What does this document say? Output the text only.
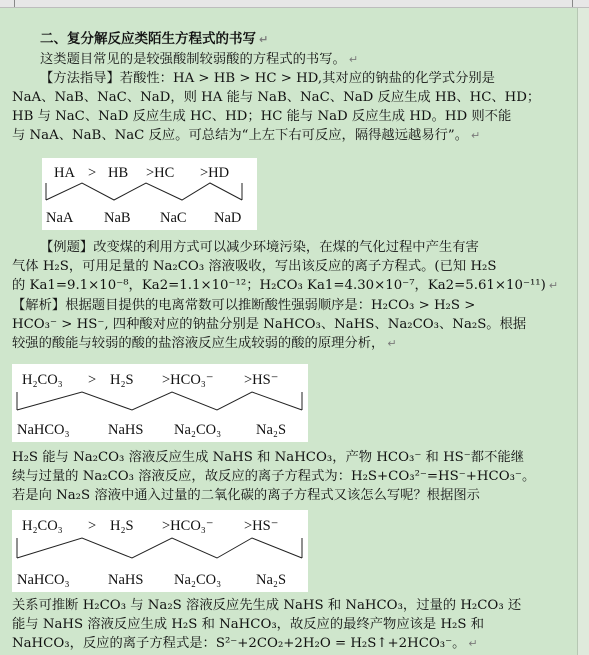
二、复分解反应类陌生方程式的书写 ↵

这类题目常见的是较强酸制较弱酸的方程式的书写。 ↵

【方法指导】若酸性：HA > HB > HC > HD,其对应的钠盐的化学式分别是

NaA、NaB、NaC、NaD，则 HA 能与 NaB、NaC、NaD 反应生成 HB、HC、HD；

HB 与 NaC、NaD 反应生成 HC、HD；HC 能与 NaD 反应生成 HD。HD 则不能

与 NaA、NaB、NaC 反应。可总结为“上左下右可反应，隔得越远越易行”。 ↵

HA > HB >HC >HD
NaA NaB NaC NaD

【例题】改变煤的利用方式可以减少环境污染，在煤的气化过程中产生有害

气体 H₂S，可用足量的 Na₂CO₃ 溶液吸收，写出该反应的离子方程式。(已知 H₂S

的 Ka1=9.1×10⁻⁸，Ka2=1.1×10⁻¹²；H₂CO₃ Ka1=4.30×10⁻⁷，Ka2=5.61×10⁻¹¹) ↵

【解析】根据题目提供的电离常数可以推断酸性强弱顺序是：H₂CO₃ > H₂S >

HCO₃⁻ > HS⁻, 四种酸对应的钠盐分别是 NaHCO₃、NaHS、Na₂CO₃、Na₂S。根据

较强的酸能与较弱的酸的盐溶液反应生成较弱的酸的原理分析， ↵

H₂CO₃ > H₂S >HCO₃⁻ >HS⁻
NaHCO₃	NaHS Na₂CO₃ Na₂S

H₂S 能与 Na₂CO₃ 溶液反应生成 NaHS 和 NaHCO₃，产物 HCO₃⁻ 和 HS⁻都不能继

续与过量的 Na₂CO₃ 溶液反应，故反应的离子方程式为：H₂S+CO₃²⁻=HS⁻+HCO₃⁻。

若是向 Na₂S 溶液中通入过量的二氧化碳的离子方程式又该怎么写呢？根据图示

H₂CO₃ > H₂S >HCO₃⁻ >HS⁻
NaHCO₃	NaHS Na₂CO₃ Na₂S

关系可推断 H₂CO₃ 与 Na₂S 溶液反应先生成 NaHS 和 NaHCO₃，过量的 H₂CO₃ 还

能与 NaHS 溶液反应生成 H₂S 和 NaHCO₃，故反应的最终产物应该是 H₂S 和

NaHCO₃，反应的离子方程式是：S²⁻+2CO₂+2H₂O = H₂S↑+2HCO₃⁻。 ↵
